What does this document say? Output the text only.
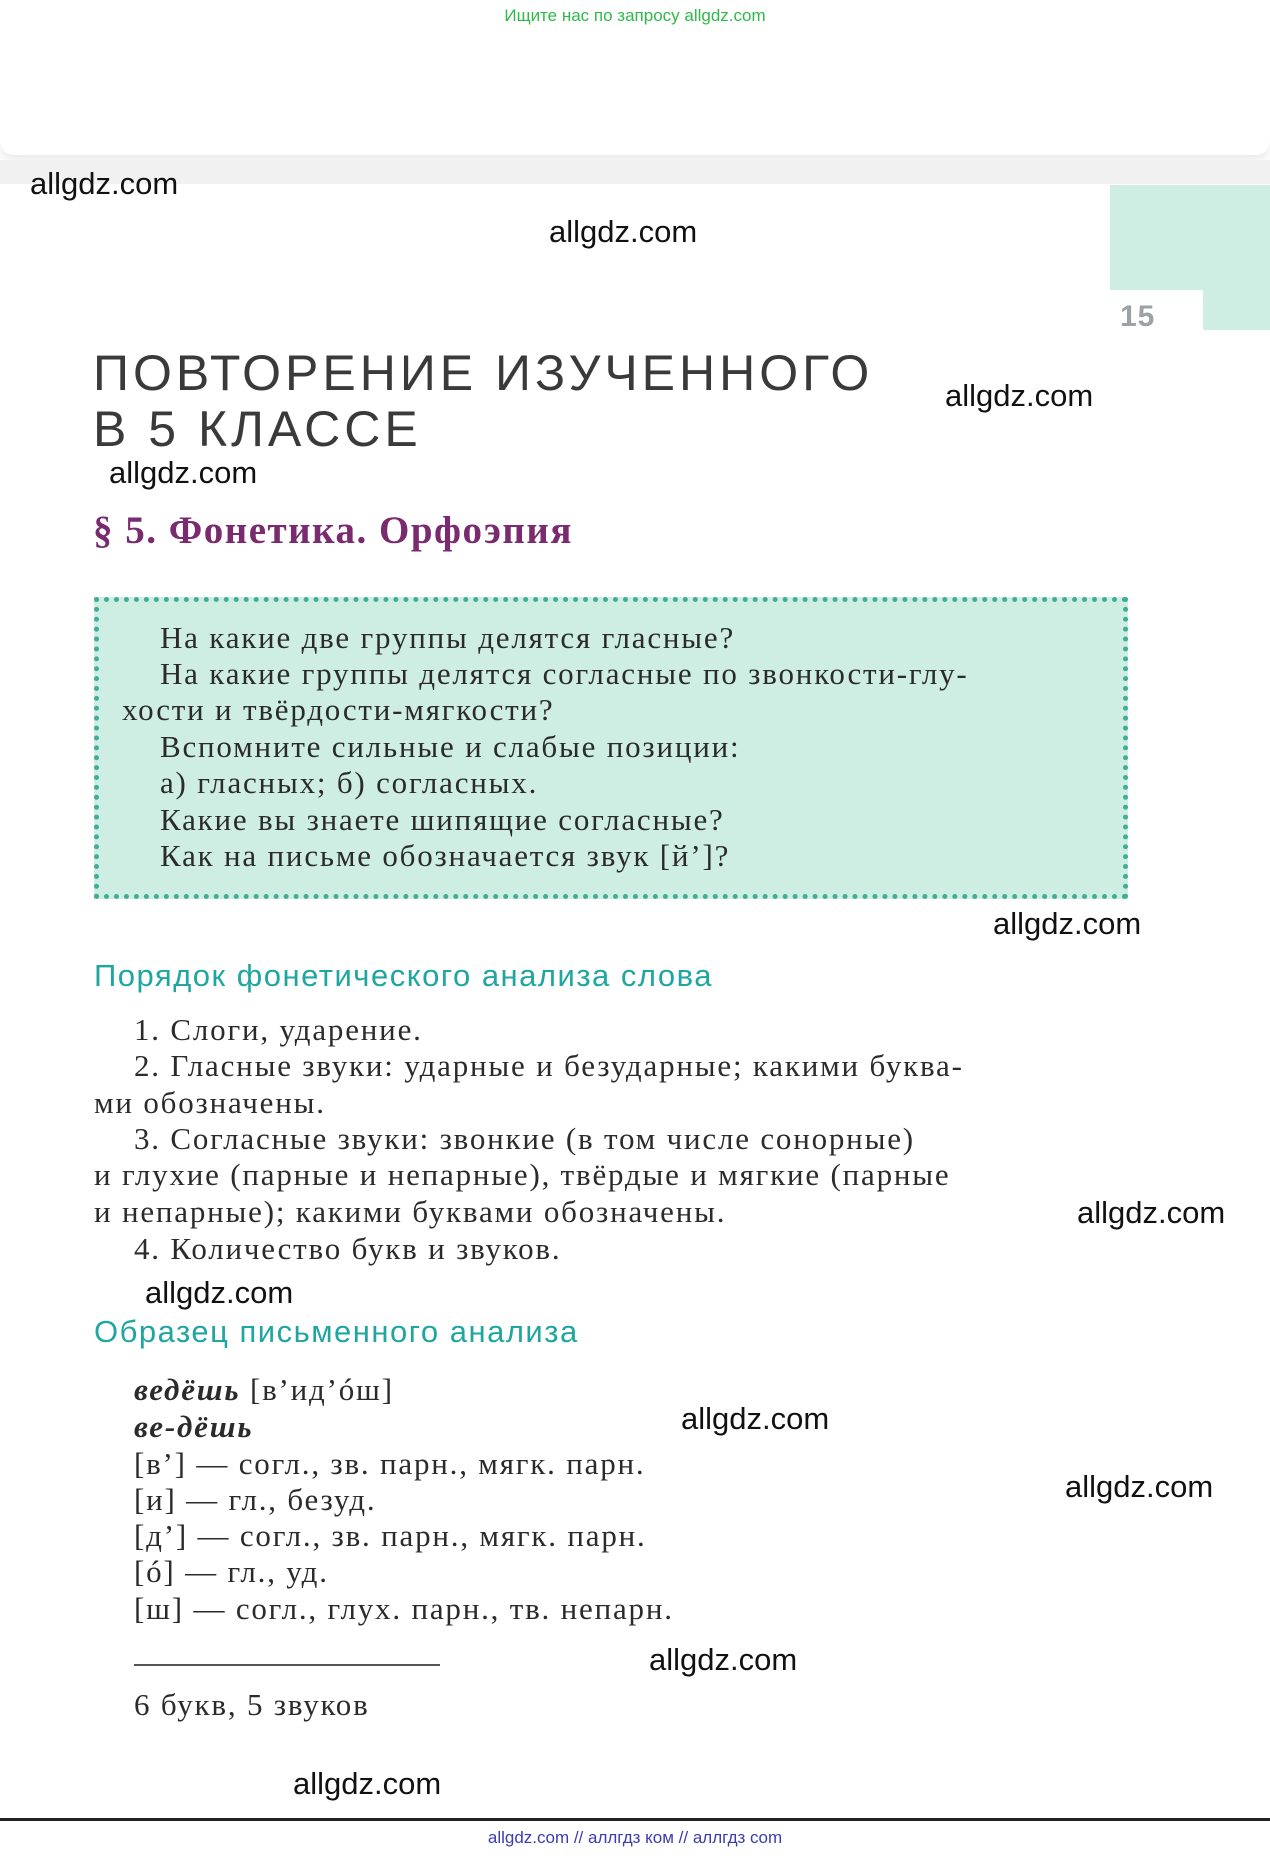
Ищите нас по запросу allgdz.com
15
allgdz.com
allgdz.com
allgdz.com
allgdz.com
allgdz.com
allgdz.com
allgdz.com
allgdz.com
allgdz.com
allgdz.com
allgdz.com
ПОВТОРЕНИЕ ИЗУЧЕННОГО
В 5 КЛАССЕ
§ 5. Фонетика. Орфоэпия
На какие две группы делятся гласные?
На какие группы делятся согласные по звонкости-глу-
хости и твёрдости-мягкости?
Вспомните сильные и слабые позиции:
а) гласных; б) согласных.
Какие вы знаете шипящие согласные?
Как на письме обозначается звук [й’]?
Порядок фонетического анализа слова
1. Слоги, ударение.
2. Гласные звуки: ударные и безударные; какими буква-
ми обозначены.
3. Согласные звуки: звонкие (в том числе сонорные)
и глухие (парные и непарные), твёрдые и мягкие (парные
и непарные); какими буквами обозначены.
4. Количество букв и звуков.
Образец письменного анализа
ведёшь [в’ид’óш]
ве-дёшь
[в’] — согл., зв. парн., мягк. парн.
[и] — гл., безуд.
[д’] — согл., зв. парн., мягк. парн.
[ó] — гл., уд.
[ш] — согл., глух. парн., тв. непарн.
6 букв, 5 звуков
allgdz.com // аллгдз ком // аллгдз com
